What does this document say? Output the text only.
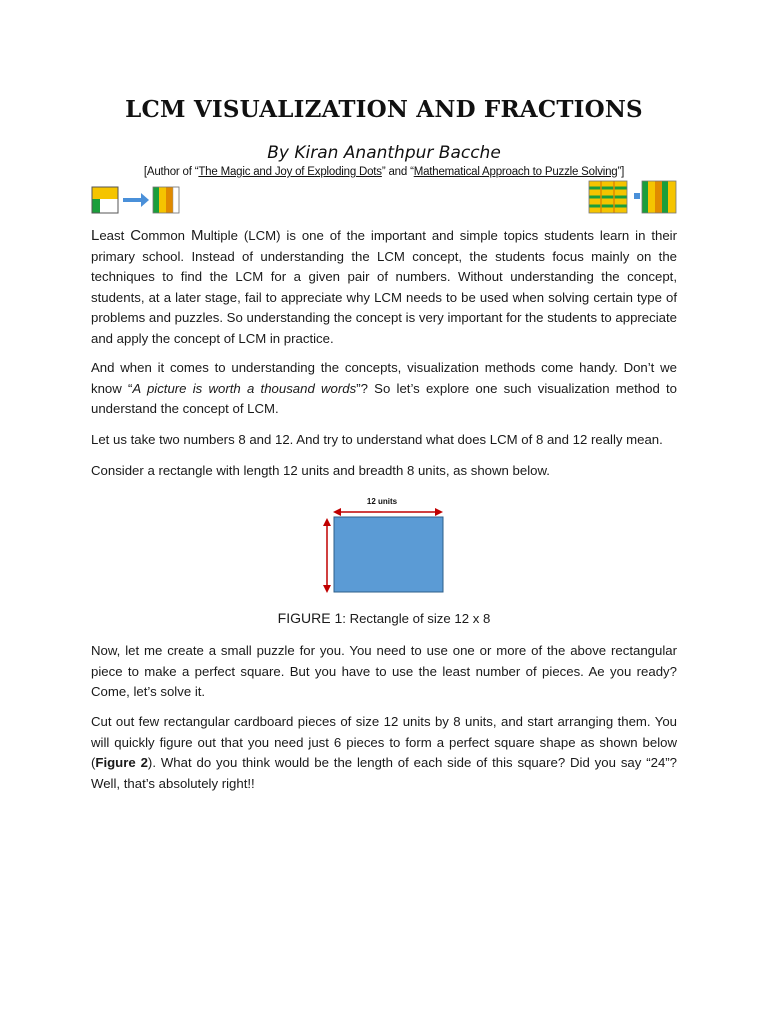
LCM VISUALIZATION AND FRACTIONS
By Kiran Ananthpur Bacche
[Author of “The Magic and Joy of Exploding Dots” and “Mathematical Approach to Puzzle Solving”]

Least Common Multiple (LCM) is one of the important and simple topics students learn in their primary school. Instead of understanding the LCM concept, the students focus mainly on the techniques to find the LCM for a given pair of numbers. Without understanding the concept, students, at a later stage, fail to appreciate why LCM needs to be used when solving certain type of problems and puzzles. So understanding the concept is very important for the students to appreciate and apply the concept of LCM in practice.

And when it comes to understanding the concepts, visualization methods come handy. Don’t we know “A picture is worth a thousand words”? So let’s explore one such visualization method to understand the concept of LCM.

Let us take two numbers 8 and 12. And try to understand what does LCM of 8 and 12 really mean.

Consider a rectangle with length 12 units and breadth 8 units, as shown below.

12 units
FIGURE 1: Rectangle of size 12 x 8

Now, let me create a small puzzle for you. You need to use one or more of the above rectangular piece to make a perfect square. But you have to use the least number of pieces. Ae you ready? Come, let’s solve it.

Cut out few rectangular cardboard pieces of size 12 units by 8 units, and start arranging them. You will quickly figure out that you need just 6 pieces to form a perfect square shape as shown below (Figure 2). What do you think would be the length of each side of this square? Did you say “24”? Well, that’s absolutely right!!
